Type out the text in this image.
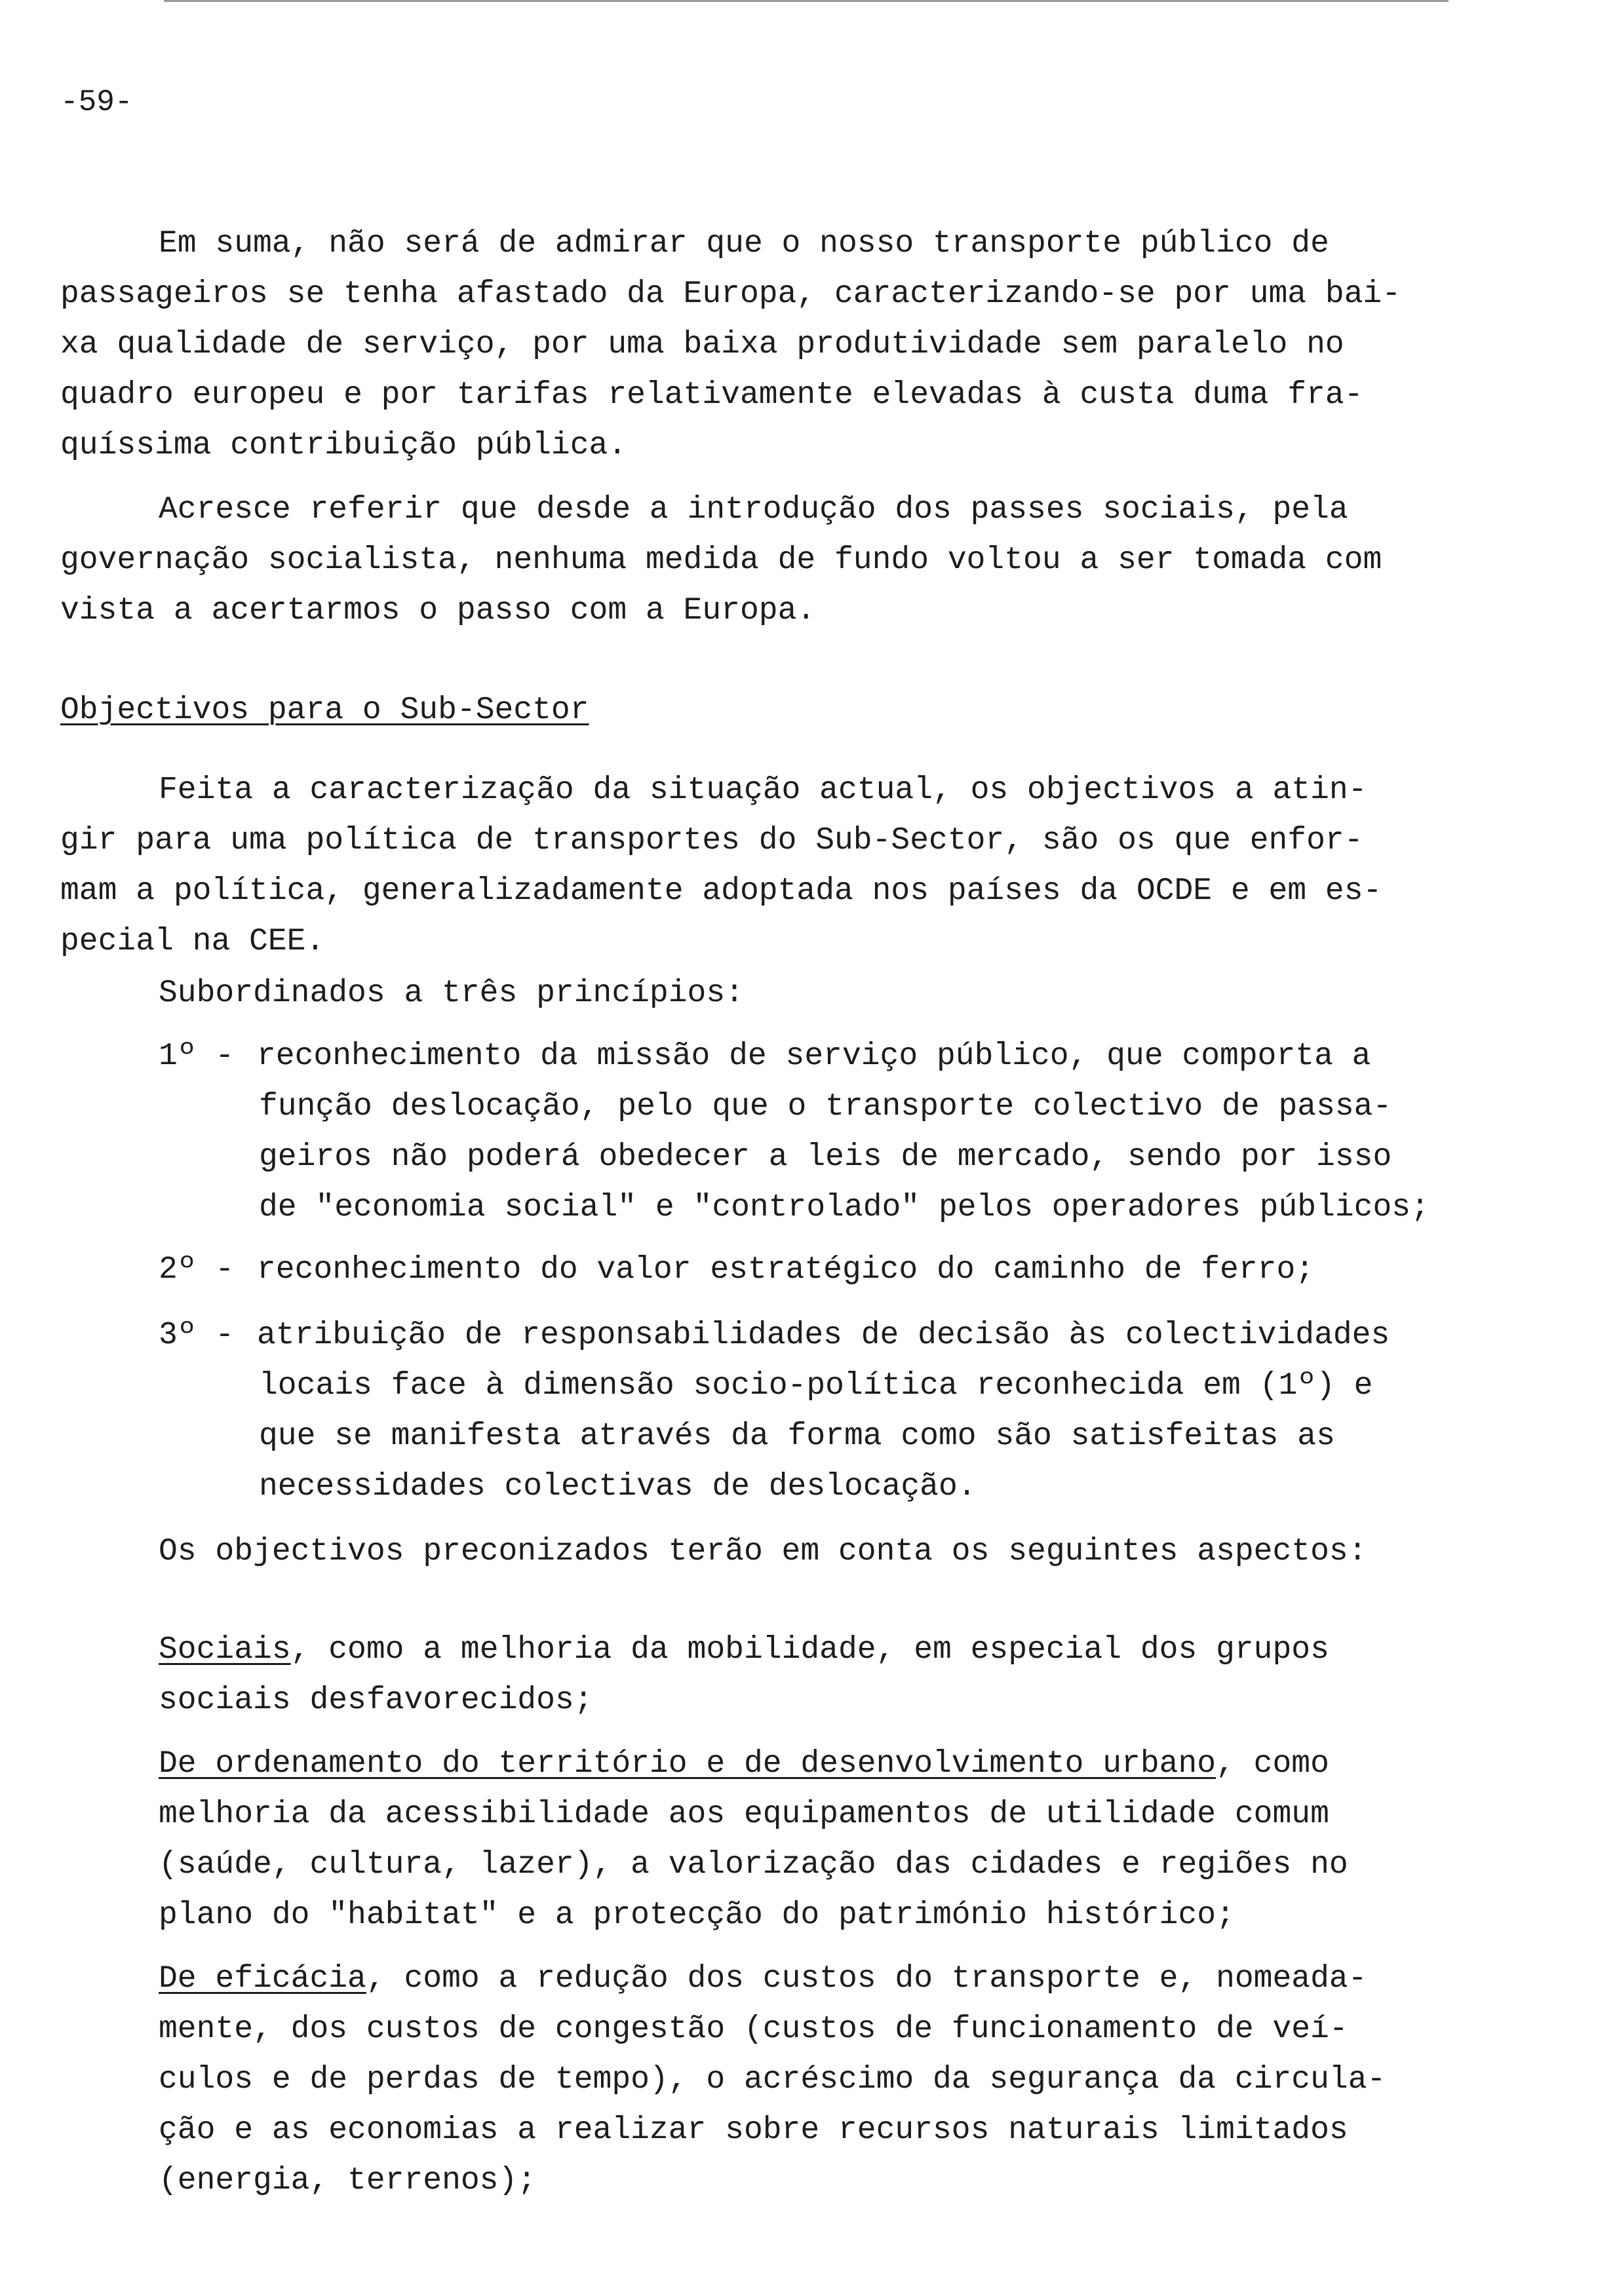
-59-
Em suma, não será de admirar que o nosso transporte público de
passageiros se tenha afastado da Europa, caracterizando-se por uma bai-
xa qualidade de serviço, por uma baixa produtividade sem paralelo no
quadro europeu e por tarifas relativamente elevadas à custa duma fra-
quíssima contribuição pública.
Acresce referir que desde a introdução dos passes sociais, pela
governação socialista, nenhuma medida de fundo voltou a ser tomada com
vista a acertarmos o passo com a Europa.
Objectivos para o Sub-Sector
Feita a caracterização da situação actual, os objectivos a atin-
gir para uma política de transportes do Sub-Sector, são os que enfor-
mam a política, generalizadamente adoptada nos países da OCDE e em es-
pecial na CEE.
Subordinados a três princípios:
1º - reconhecimento da missão de serviço público, que comporta a
função deslocação, pelo que o transporte colectivo de passa-
geiros não poderá obedecer a leis de mercado, sendo por isso
de "economia social" e "controlado" pelos operadores públicos;
2º - reconhecimento do valor estratégico do caminho de ferro;
3º - atribuição de responsabilidades de decisão às colectividades
locais face à dimensão socio-política reconhecida em (1º) e
que se manifesta através da forma como são satisfeitas as
necessidades colectivas de deslocação.
Os objectivos preconizados terão em conta os seguintes aspectos:
Sociais, como a melhoria da mobilidade, em especial dos grupos
sociais desfavorecidos;
De ordenamento do território e de desenvolvimento urbano, como
melhoria da acessibilidade aos equipamentos de utilidade comum
(saúde, cultura, lazer), a valorização das cidades e regiões no
plano do "habitat" e a protecção do património histórico;
De eficácia, como a redução dos custos do transporte e, nomeada-
mente, dos custos de congestão (custos de funcionamento de veí-
culos e de perdas de tempo), o acréscimo da segurança da circula-
ção e as economias a realizar sobre recursos naturais limitados
(energia, terrenos);
